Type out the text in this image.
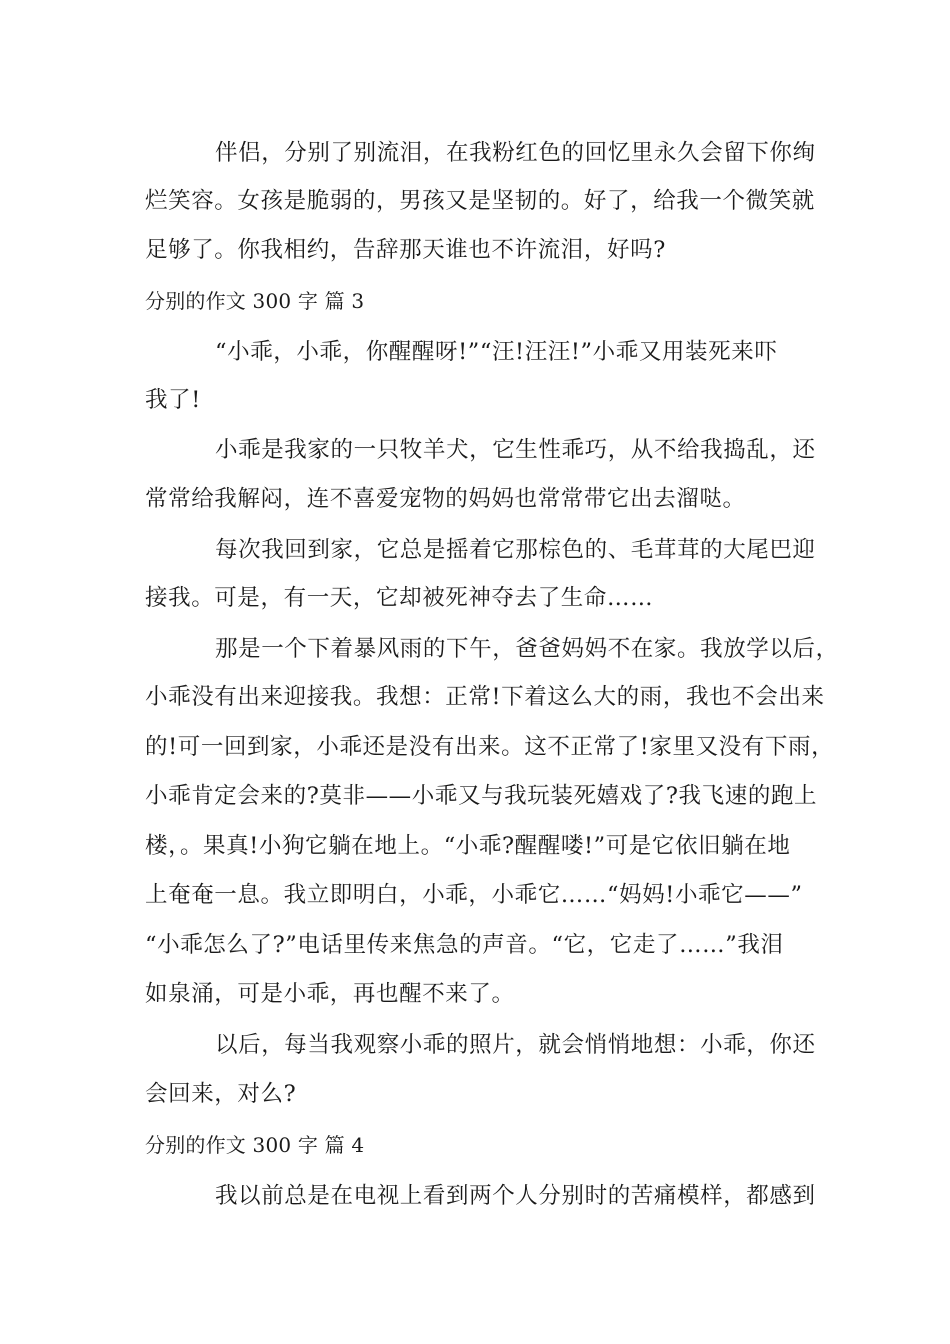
伴侣，分别了别流泪，在我粉红色的回忆里永久会留下你绚
烂笑容。女孩是脆弱的，男孩又是坚韧的。好了，给我一个微笑就
足够了。你我相约，告辞那天谁也不许流泪，好吗?
分别的作文 300 字 篇 3
“小乖，小乖，你醒醒呀!”“汪!汪汪!”小乖又用装死来吓
我了!
小乖是我家的一只牧羊犬，它生性乖巧，从不给我捣乱，还
常常给我解闷，连不喜爱宠物的妈妈也常常带它出去溜哒。
每次我回到家，它总是摇着它那棕色的、毛茸茸的大尾巴迎
接我。可是，有一天，它却被死神夺去了生命……
那是一个下着暴风雨的下午，爸爸妈妈不在家。我放学以后，
小乖没有出来迎接我。我想：正常!下着这么大的雨，我也不会出来
的!可一回到家，小乖还是没有出来。这不正常了!家里又没有下雨，
小乖肯定会来的?莫非——小乖又与我玩装死嬉戏了?我飞速的跑上
楼，。果真!小狗它躺在地上。“小乖?醒醒喽!”可是它依旧躺在地
上奄奄一息。我立即明白，小乖，小乖它……“妈妈!小乖它——”
“小乖怎么了?”电话里传来焦急的声音。“它，它走了……”我泪
如泉涌，可是小乖，再也醒不来了。
以后，每当我观察小乖的照片，就会悄悄地想：小乖，你还
会回来，对么?
分别的作文 300 字 篇 4
我以前总是在电视上看到两个人分别时的苦痛模样，都感到
